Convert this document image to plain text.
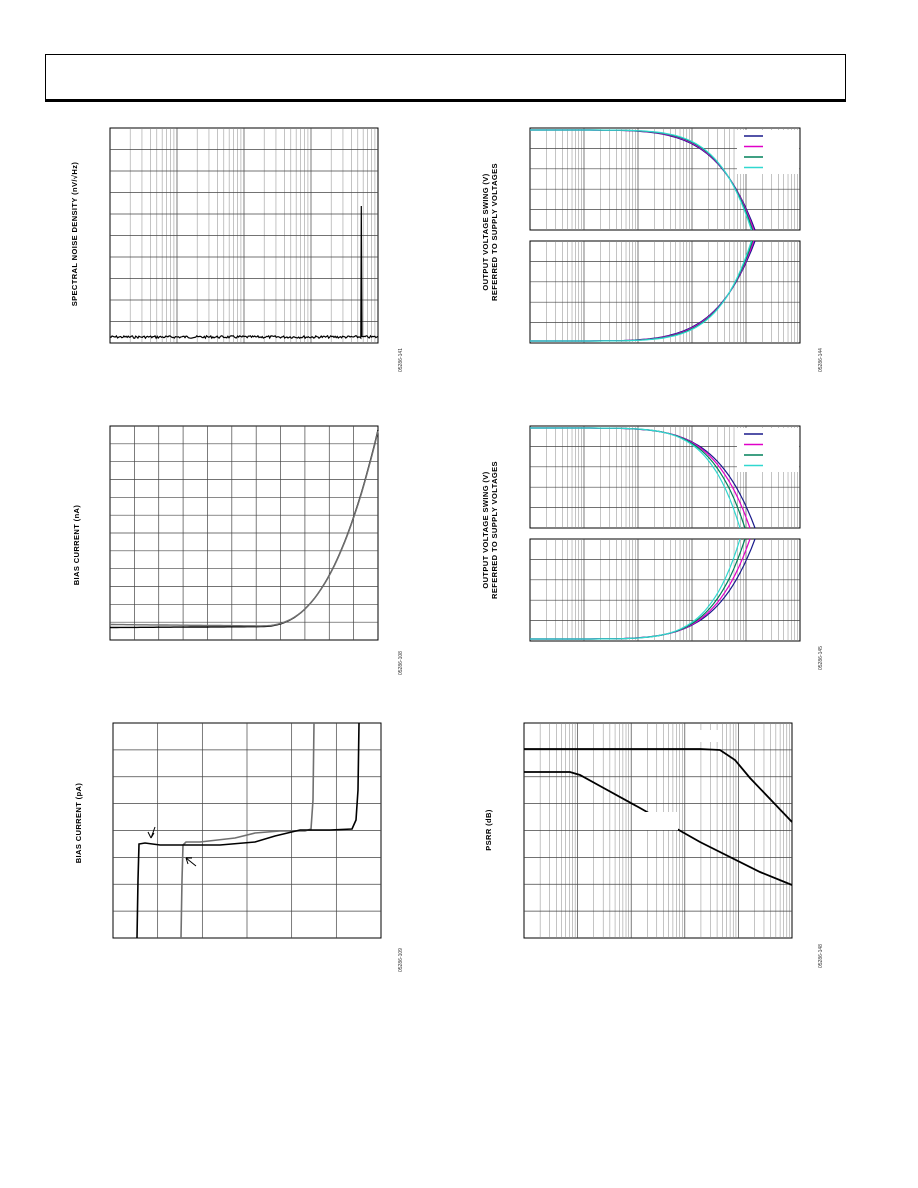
SPECTRAL NOISE DENSITY (nV/√Hz)
05286-141
OUTPUT VOLTAGE SWING (V) REFERRED TO SUPPLY VOLTAGES
05286-144
BIAS CURRENT (nA)
05286-108
OUTPUT VOLTAGE SWING (V) REFERRED TO SUPPLY VOLTAGES
05286-145
BIAS CURRENT (pA)
05286-109
PSRR (dB)
05286-148
